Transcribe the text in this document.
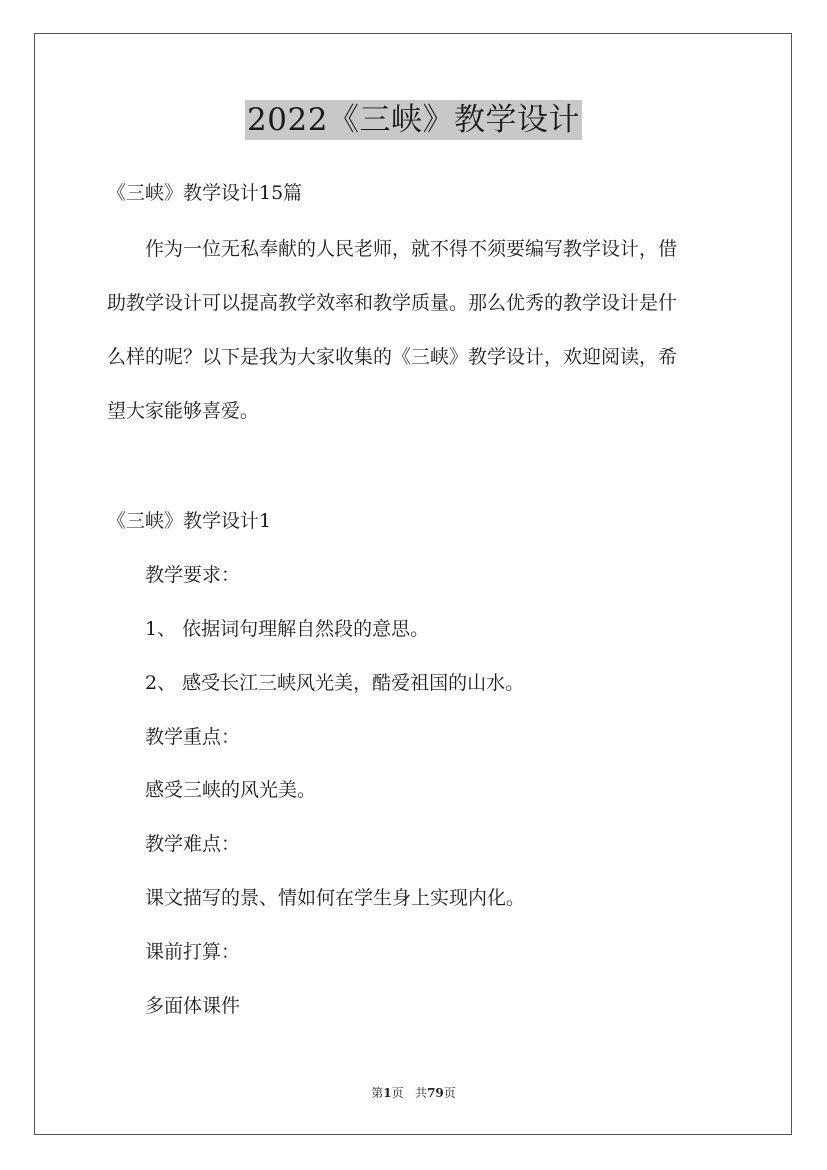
2022《三峡》教学设计
《三峡》教学设计15篇
作为一位无私奉献的人民老师，就不得不须要编写教学设计，借
助教学设计可以提高教学效率和教学质量。那么优秀的教学设计是什
么样的呢？以下是我为大家收集的《三峡》教学设计，欢迎阅读，希
望大家能够喜爱。
《三峡》教学设计1
教学要求：
1、 依据词句理解自然段的意思。
2、 感受长江三峡风光美，酷爱祖国的山水。
教学重点：
感受三峡的风光美。
教学难点：
课文描写的景、情如何在学生身上实现内化。
课前打算：
多面体课件
第1页 共79页
